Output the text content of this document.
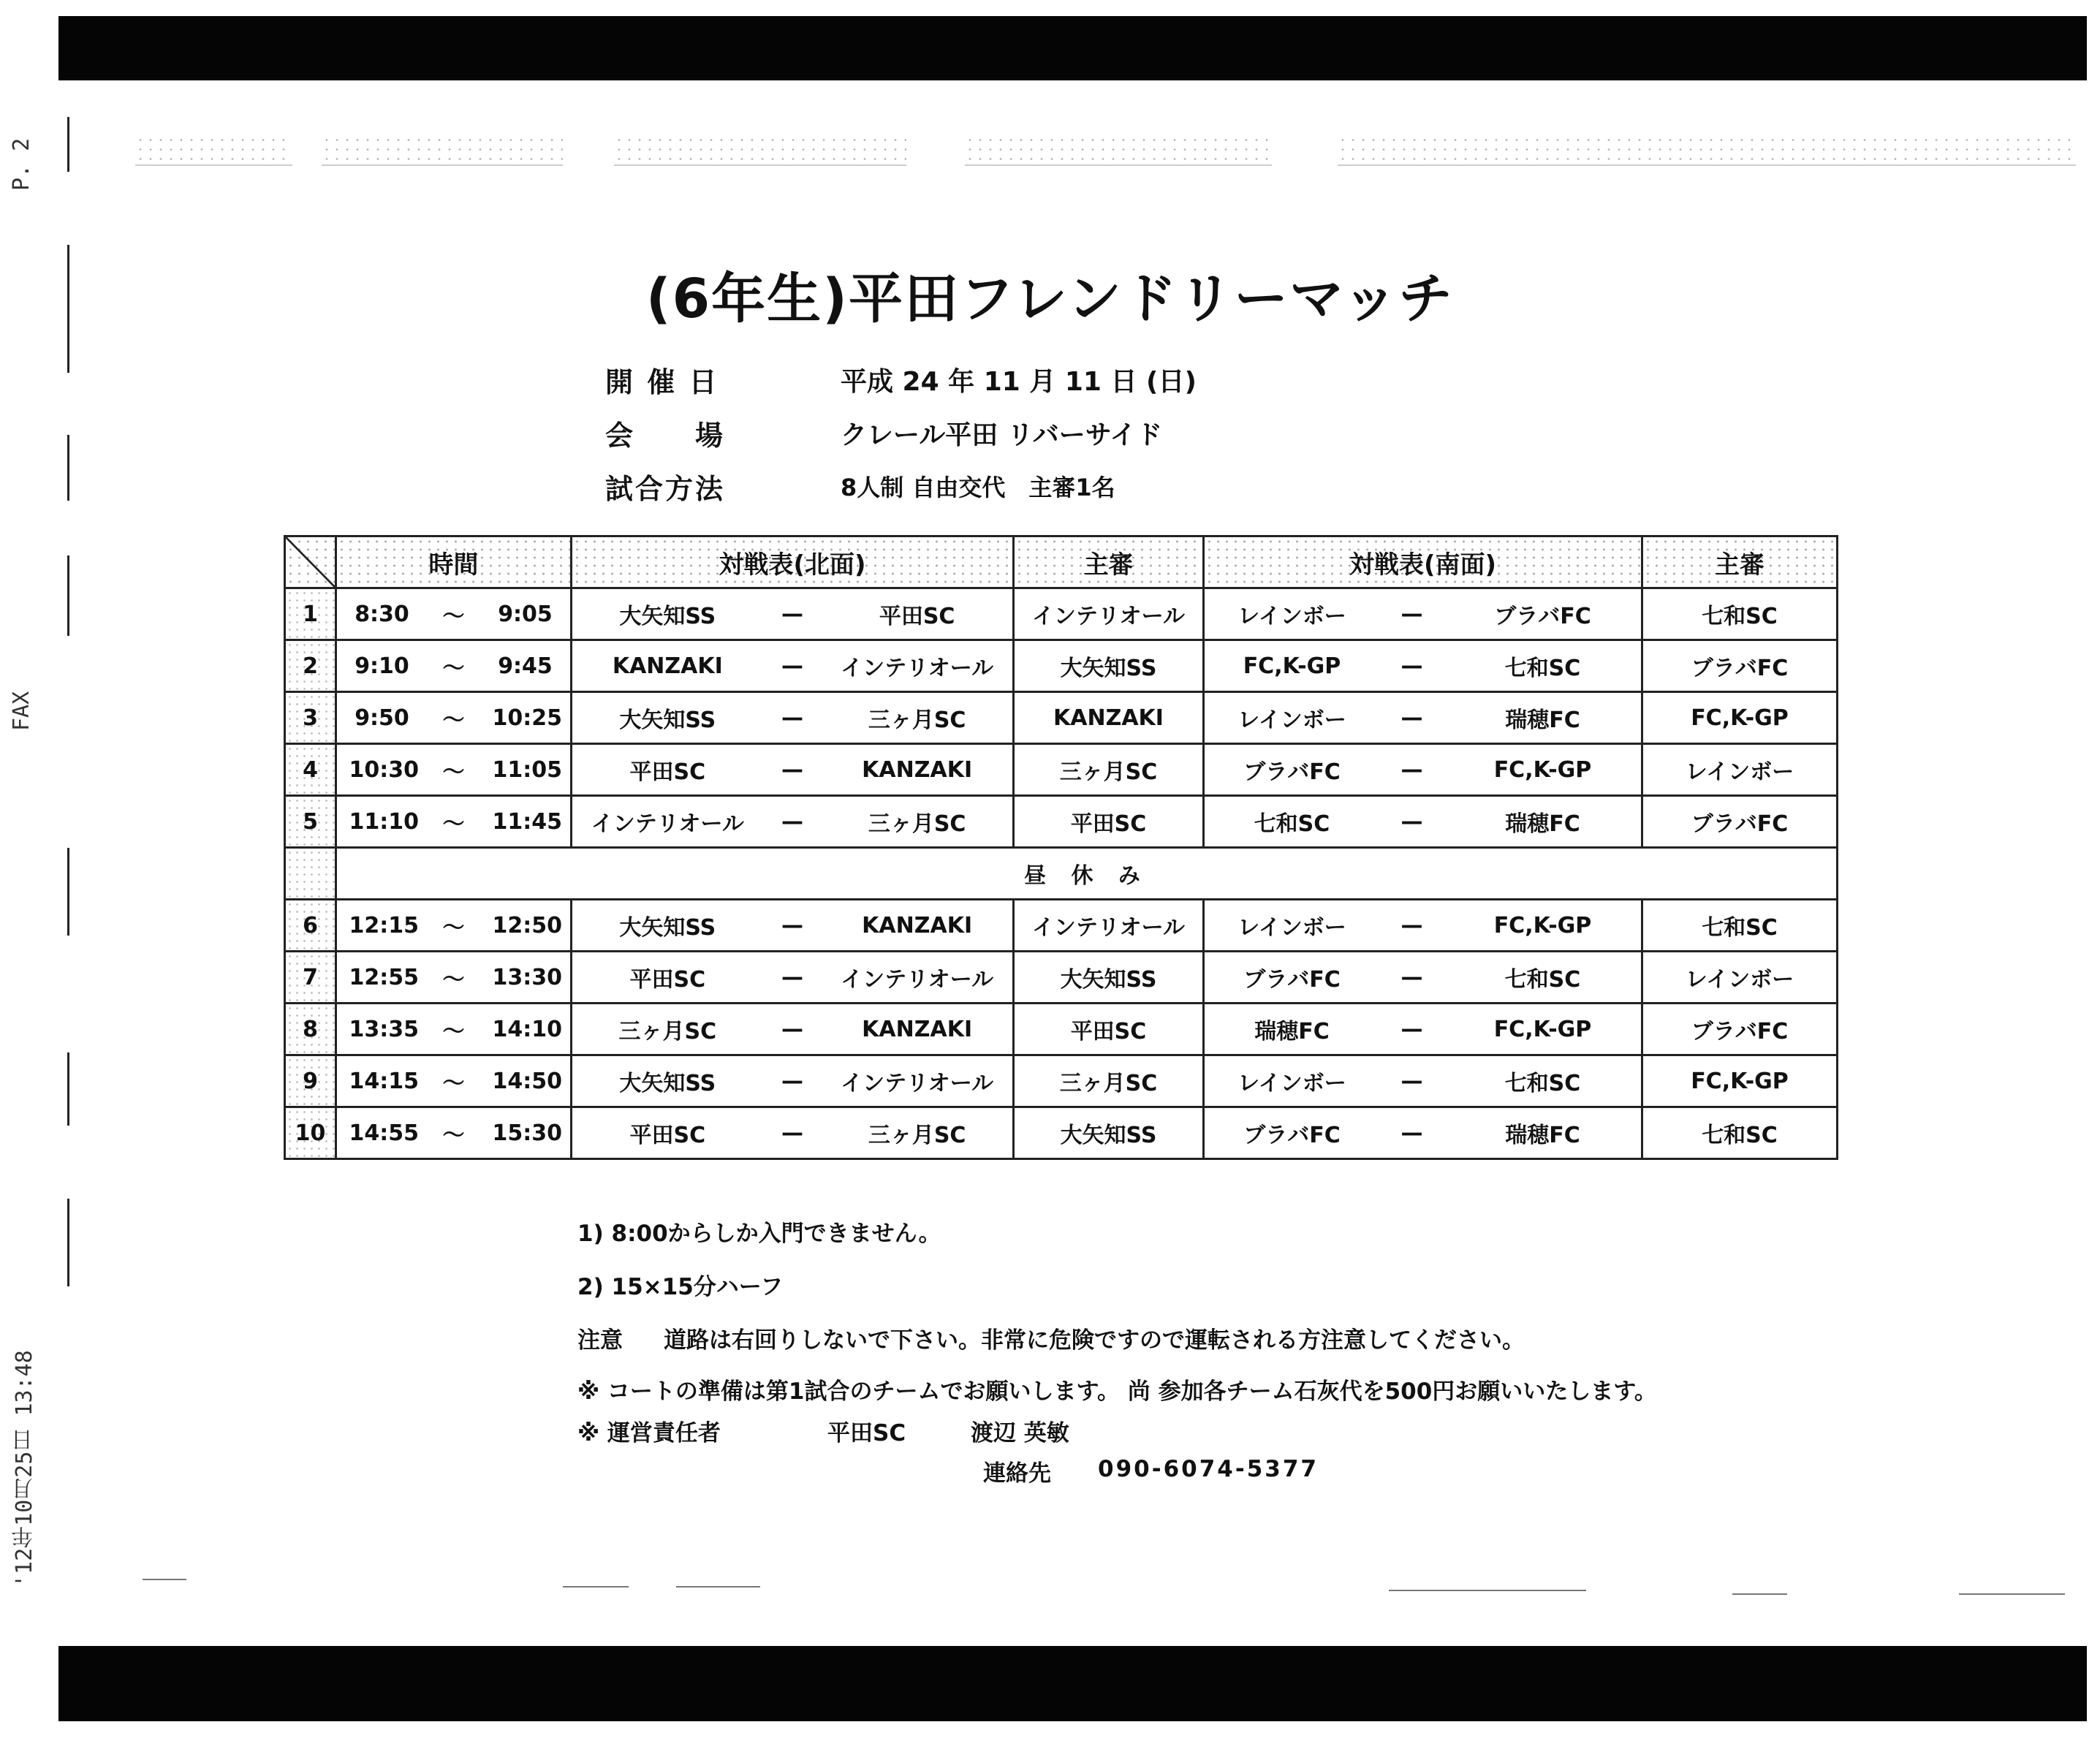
P. 2
FAX
'12年10月25日 13:48
(6年生)平田フレンドリーマッチ
開 催 日	平成 24 年 11 月 11 日 (日)
会　　場	クレール平田 リバーサイド
試合方法	8人制 自由交代　主審1名
	時間	対戦表(北面)	主審	対戦表(南面)	主審
1	8:30 ～ 9:05	大矢知SS — 平田SC	インテリオール	レインボー — ブラバFC	七和SC
2	9:10 ～ 9:45	KANZAKI — インテリオール	大矢知SS	FC,K-GP — 七和SC	ブラバFC
3	9:50 ～ 10:25	大矢知SS — 三ヶ月SC	KANZAKI	レインボー — 瑞穂FC	FC,K-GP
4	10:30 ～ 11:05	平田SC — KANZAKI	三ヶ月SC	ブラバFC — FC,K-GP	レインボー
5	11:10 ～ 11:45	インテリオール — 三ヶ月SC	平田SC	七和SC — 瑞穂FC	ブラバFC
	昼 休 み				
6	12:15 ～ 12:50	大矢知SS — KANZAKI	インテリオール	レインボー — FC,K-GP	七和SC
7	12:55 ～ 13:30	平田SC — インテリオール	大矢知SS	ブラバFC — 七和SC	レインボー
8	13:35 ～ 14:10	三ヶ月SC — KANZAKI	平田SC	瑞穂FC — FC,K-GP	ブラバFC
9	14:15 ～ 14:50	大矢知SS — インテリオール	三ヶ月SC	レインボー — 七和SC	FC,K-GP
10	14:55 ～ 15:30	平田SC — 三ヶ月SC	大矢知SS	ブラバFC — 瑞穂FC	七和SC
1) 8:00からしか入門できません。
2) 15×15分ハーフ
注意 道路は右回りしないで下さい。非常に危険ですので運転される方注意してください。
※ コートの準備は第1試合のチームでお願いします。 尚 参加各チーム石灰代を500円お願いいたします。
※ 運営責任者	平田SC	渡辺 英敏
連絡先 090-6074-5377
